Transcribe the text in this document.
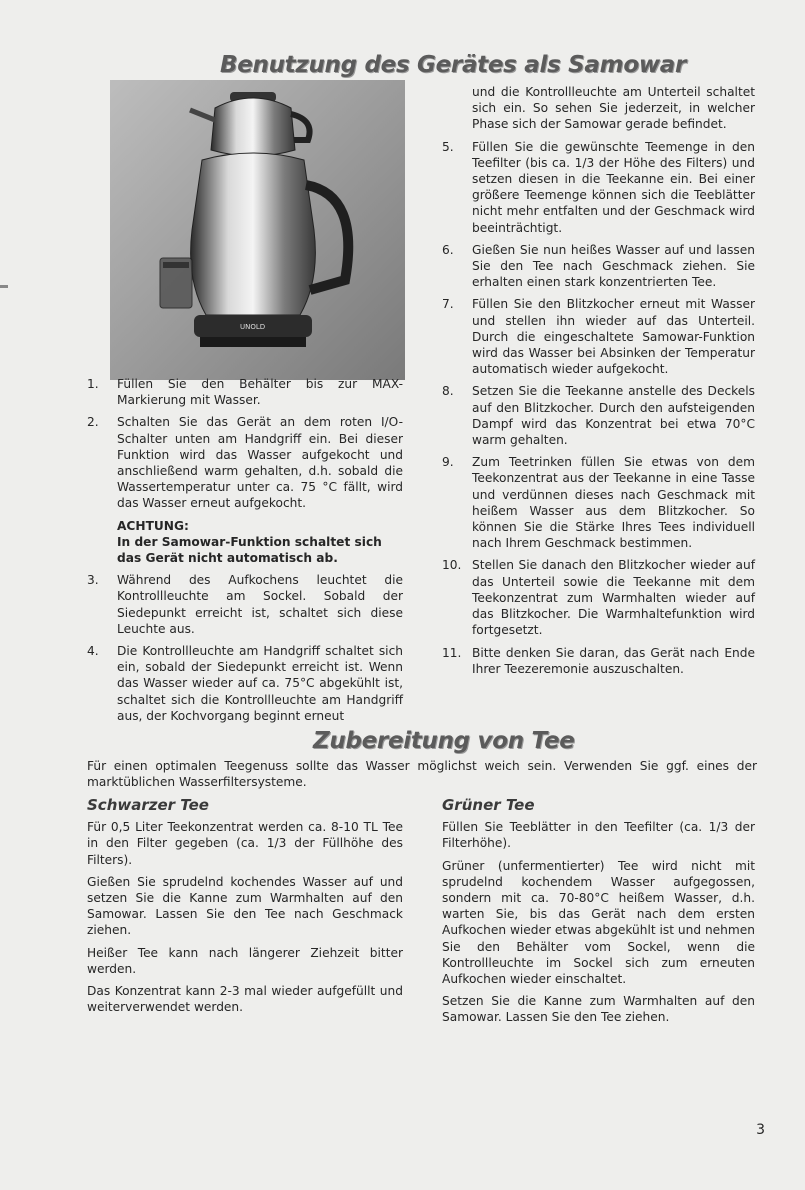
Benutzung des Gerätes als Samowar
UNOLD
1. Füllen Sie den Behälter bis zur MAX-Markierung mit Wasser.
2. Schalten Sie das Gerät an dem roten I/O-Schalter unten am Handgriff ein. Bei dieser Funktion wird das Wasser aufgekocht und anschließend warm gehalten, d.h. sobald die Wassertemperatur unter ca. 75 °C fällt, wird das Wasser erneut aufgekocht.
ACHTUNG:
In der Samowar-Funktion schaltet sich das Gerät nicht automatisch ab.
3. Während des Aufkochens leuchtet die Kontrollleuchte am Sockel. Sobald der Siedepunkt erreicht ist, schaltet sich diese Leuchte aus.
4. Die Kontrollleuchte am Handgriff schaltet sich ein, sobald der Siedepunkt erreicht ist. Wenn das Wasser wieder auf ca. 75°C abgekühlt ist, schaltet sich die Kontrollleuchte am Handgriff aus, der Kochvorgang beginnt erneut

und die Kontrollleuchte am Unterteil schaltet sich ein. So sehen Sie jederzeit, in welcher Phase sich der Samowar gerade befindet.

5. Füllen Sie die gewünschte Teemenge in den Teefilter (bis ca. 1/3 der Höhe des Filters) und setzen diesen in die Teekanne ein. Bei einer größere Teemenge können sich die Teeblätter nicht mehr entfalten und der Geschmack wird beeinträchtigt.
6. Gießen Sie nun heißes Wasser auf und lassen Sie den Tee nach Geschmack ziehen. Sie erhalten einen stark konzentrierten Tee.
7. Füllen Sie den Blitzkocher erneut mit Wasser und stellen ihn wieder auf das Unterteil. Durch die eingeschaltete Samowar-Funktion wird das Wasser bei Absinken der Temperatur automatisch wieder aufgekocht.
8. Setzen Sie die Teekanne anstelle des Deckels auf den Blitzkocher. Durch den aufsteigenden Dampf wird das Konzentrat bei etwa 70°C warm gehalten.
9. Zum Teetrinken füllen Sie etwas von dem Teekonzentrat aus der Teekanne in eine Tasse und verdünnen dieses nach Geschmack mit heißem Wasser aus dem Blitzkocher. So können Sie die Stärke Ihres Tees individuell nach Ihrem Geschmack bestimmen.
10. Stellen Sie danach den Blitzkocher wieder auf das Unterteil sowie die Teekanne mit dem Teekonzentrat zum Warmhalten wieder auf das Blitzkocher. Die Warmhaltefunktion wird fortgesetzt.
11. Bitte denken Sie daran, das Gerät nach Ende Ihrer Teezeremonie auszuschalten.
Zubereitung von Tee
Für einen optimalen Teegenuss sollte das Wasser möglichst weich sein. Verwenden Sie ggf. eines der marktüblichen Wasserfiltersysteme.
Schwarzer Tee

Für 0,5 Liter Teekonzentrat werden ca. 8-10 TL Tee in den Filter gegeben (ca. 1/3 der Füllhöhe des Filters).

Gießen Sie sprudelnd kochendes Wasser auf und setzen Sie die Kanne zum Warmhalten auf den Samowar. Lassen Sie den Tee nach Geschmack ziehen.

Heißer Tee kann nach längerer Ziehzeit bitter werden.

Das Konzentrat kann 2-3 mal wieder aufgefüllt und weiterverwendet werden.

Grüner Tee

Füllen Sie Teeblätter in den Teefilter (ca. 1/3 der Filterhöhe).

Grüner (unfermentierter) Tee wird nicht mit sprudelnd kochendem Wasser aufgegossen, sondern mit ca. 70-80°C heißem Wasser, d.h. warten Sie, bis das Gerät nach dem ersten Aufkochen wieder etwas abgekühlt ist und nehmen Sie den Behälter vom Sockel, wenn die Kontrollleuchte im Sockel sich zum erneuten Aufkochen wieder einschaltet.

Setzen Sie die Kanne zum Warmhalten auf den Samowar. Lassen Sie den Tee ziehen.

3
